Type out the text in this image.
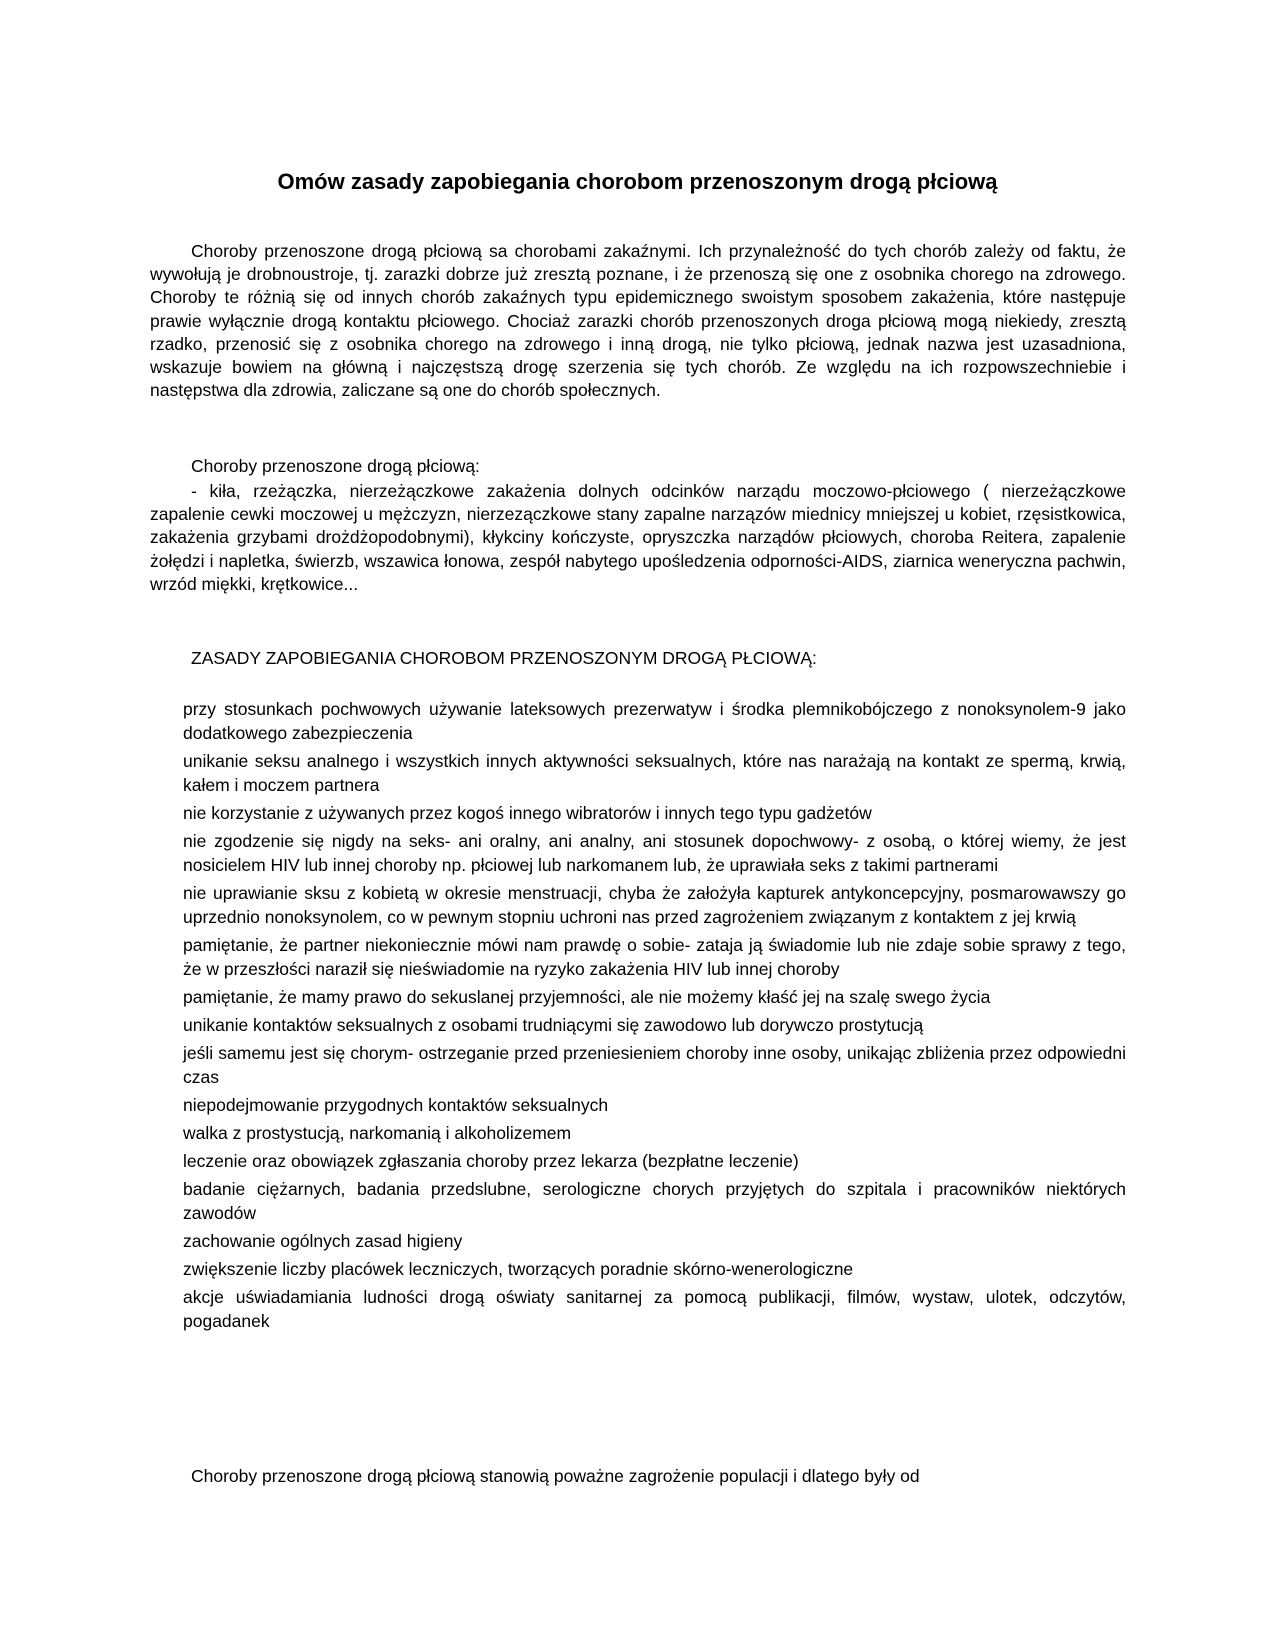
Omów zasady zapobiegania chorobom przenoszonym drogą płciową

Choroby przenoszone drogą płciową sa chorobami zakaźnymi. Ich przynależność do tych chorób zależy od faktu, że wywołują je drobnoustroje, tj. zarazki dobrze już zresztą poznane, i że przenoszą się one z osobnika chorego na zdrowego. Choroby te różnią się od innych chorób zakaźnych typu epidemicznego swoistym sposobem zakażenia, które następuje prawie wyłącznie drogą kontaktu płciowego. Chociaż zarazki chorób przenoszonych droga płciową mogą niekiedy, zresztą rzadko, przenosić się z osobnika chorego na zdrowego i inną drogą, nie tylko płciową, jednak nazwa jest uzasadniona, wskazuje bowiem na główną i najczęstszą drogę szerzenia się tych chorób. Ze względu na ich rozpowszechniebie i następstwa dla zdrowia, zaliczane są one do chorób społecznych.

Choroby przenoszone drogą płciową:

- kiła, rzeżączka, nierzeżączkowe zakażenia dolnych odcinków narządu moczowo-płciowego ( nierzeżączkowe zapalenie cewki moczowej u mężczyzn, nierzezączkowe stany zapalne narzązów miednicy mniejszej u kobiet, rzęsistkowica, zakażenia grzybami drożdżopodobnymi), kłykciny kończyste, opryszczka narządów płciowych, choroba Reitera, zapalenie żołędzi i napletka, świerzb, wszawica łonowa, zespół nabytego upośledzenia odporności-AIDS, ziarnica weneryczna pachwin, wrzód miękki, krętkowice...

ZASADY ZAPOBIEGANIA CHOROBOM PRZENOSZONYM DROGĄ PŁCIOWĄ:

przy stosunkach pochwowych używanie lateksowych prezerwatyw i środka plemnikobójczego z nonoksynolem-9 jako dodatkowego zabezpieczenia
unikanie seksu analnego i wszystkich innych aktywności seksualnych, które nas narażają na kontakt ze spermą, krwią, kałem i moczem partnera
nie korzystanie z używanych przez kogoś innego wibratorów i innych tego typu gadżetów
nie zgodzenie się nigdy na seks- ani oralny, ani analny, ani stosunek dopochwowy- z osobą, o której wiemy, że jest nosicielem HIV lub innej choroby np. płciowej lub narkomanem lub, że uprawiała seks z takimi partnerami
nie uprawianie sksu z kobietą w okresie menstruacji, chyba że założyła kapturek antykoncepcyjny, posmarowawszy go uprzednio nonoksynolem, co w pewnym stopniu uchroni nas przed zagrożeniem związanym z kontaktem z jej krwią
pamiętanie, że partner niekoniecznie mówi nam prawdę o sobie- zataja ją świadomie lub nie zdaje sobie sprawy z tego, że w przeszłości naraził się nieświadomie na ryzyko zakażenia HIV lub innej choroby
pamiętanie, że mamy prawo do sekuslanej przyjemności, ale nie możemy kłaść jej na szalę swego życia
unikanie kontaktów seksualnych z osobami trudniącymi się zawodowo lub dorywczo prostytucją
jeśli samemu jest się chorym- ostrzeganie przed przeniesieniem choroby inne osoby, unikając zbliżenia przez odpowiedni czas
niepodejmowanie przygodnych kontaktów seksualnych
walka z prostystucją, narkomanią i alkoholizemem
leczenie oraz obowiązek zgłaszania choroby przez lekarza (bezpłatne leczenie)
badanie ciężarnych, badania przedslubne, serologiczne chorych przyjętych do szpitala i pracowników niektórych zawodów
zachowanie ogólnych zasad higieny
zwiększenie liczby placówek leczniczych, tworzących poradnie skórno-wenerologiczne
akcje uświadamiania ludności drogą oświaty sanitarnej za pomocą publikacji, filmów, wystaw, ulotek, odczytów, pogadanek

Choroby przenoszone drogą płciową stanowią poważne zagrożenie populacji i dlatego były od
